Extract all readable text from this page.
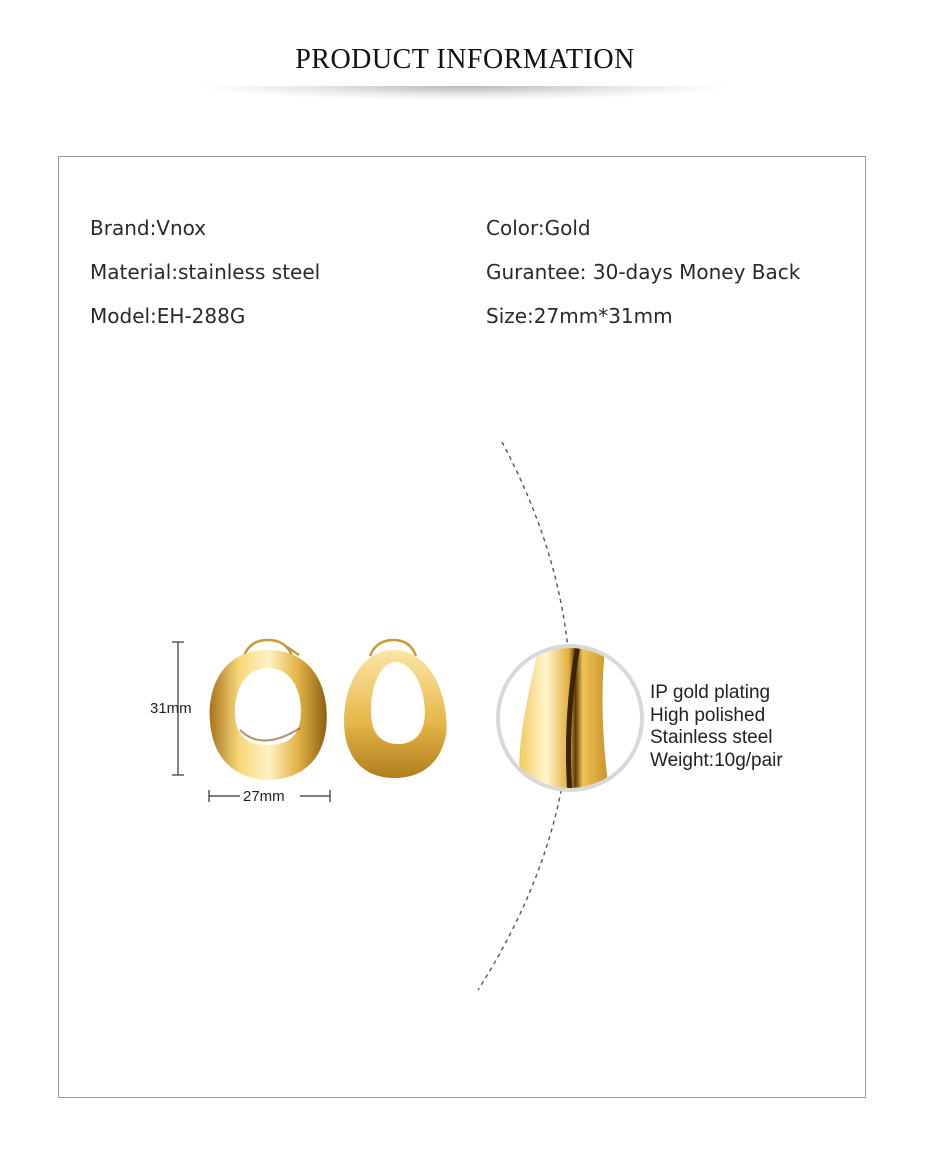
PRODUCT INFORMATION
Brand:Vnox
Material:stainless steel
Model:EH-288G
Color:Gold
Gurantee: 30-days Money Back
Size:27mm*31mm
31mm
27mm
IP gold plating
High polished
Stainless steel
Weight:10g/pair
